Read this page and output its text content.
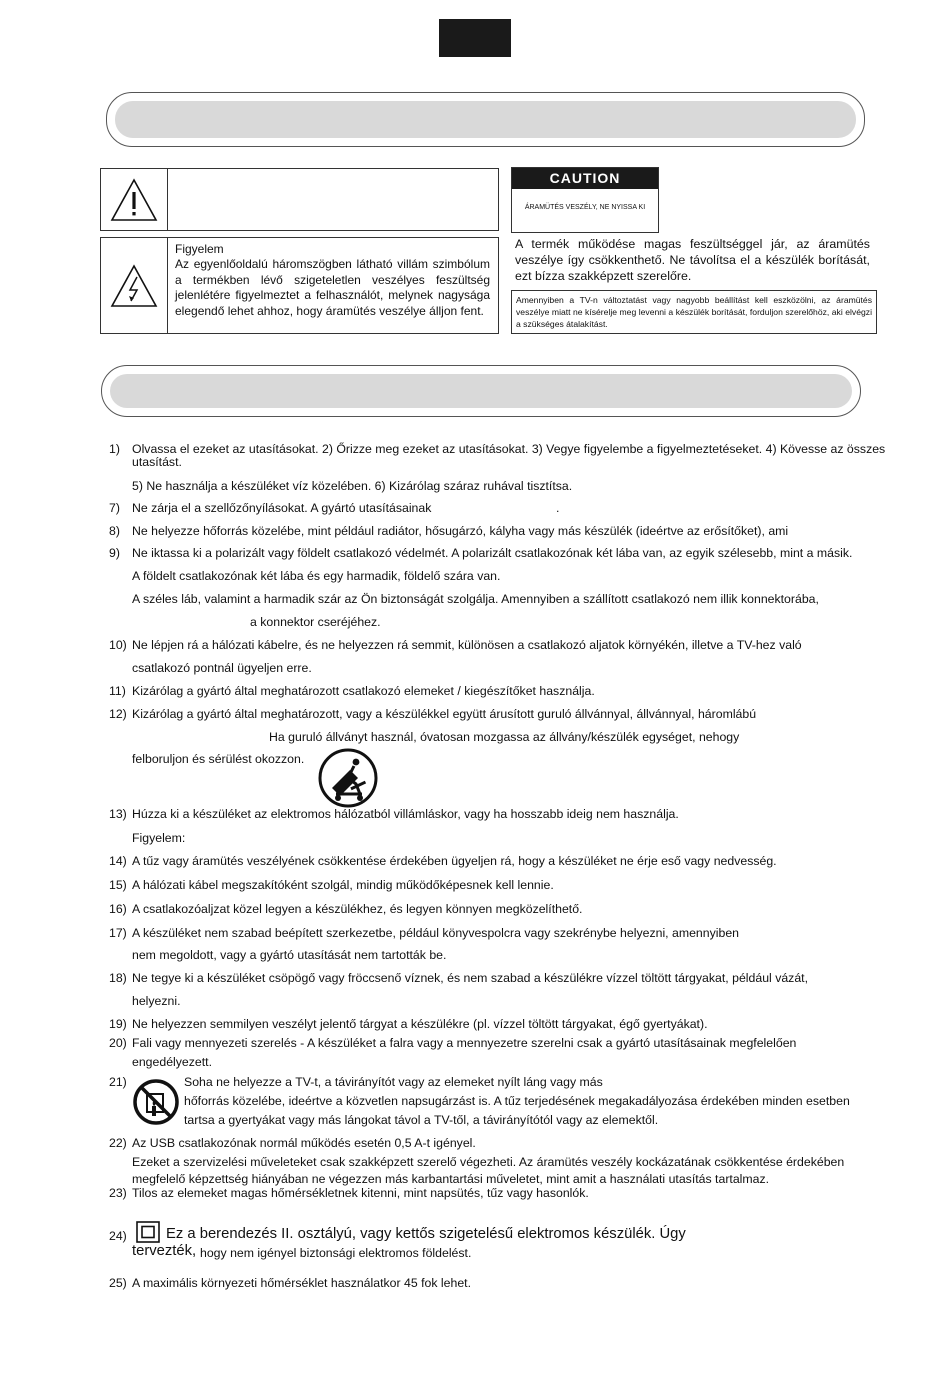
Figyelem
Az egyenlőoldalú háromszögben látható villám szimbólum a termékben lévő szigeteletlen veszélyes feszültség jelenlétére figyelmeztet a felhasználót, melynek nagysága elegendő lehet ahhoz, hogy áramütés veszélye álljon fent.
CAUTION
ÁRAMÜTÉS VESZÉLY, NE NYISSA KI
A termék működése magas feszültséggel jár, az áramütés veszélye így csökkenthető. Ne távolítsa el a készülék borítását, ezt bízza szakképzett szerelőre.
Amennyiben a TV-n változtatást vagy nagyobb beállítást kell eszközölni, az áramütés veszélye miatt ne kísérelje meg levenni a készülék borítását, forduljon szerelőhöz, aki elvégzi a szükséges átalakítást.
1) Olvassa el ezeket az utasításokat. 2) Őrizze meg ezeket az utasításokat. 3) Vegye figyelembe a figyelmeztetéseket. 4) Kövesse az összes
utasítást.
5) Ne használja a készüléket víz közelében. 6) Kizárólag száraz ruhával tisztítsa.
7) Ne zárja el a szellőzőnyílásokat. A gyártó utasításainak	.
8) Ne helyezze hőforrás közelébe, mint például radiátor, hősugárzó, kályha vagy más készülék (ideértve az erősítőket), ami
9) Ne iktassa ki a polarizált vagy földelt csatlakozó védelmét. A polarizált csatlakozónak két lába van, az egyik szélesebb, mint a másik.
A földelt csatlakozónak két lába és egy harmadik, földelő szára van.
A széles láb, valamint a harmadik szár az Ön biztonságát szolgálja. Amennyiben a szállított csatlakozó nem illik konnektorába,
a konnektor cseréjéhez.
10) Ne lépjen rá a hálózati kábelre, és ne helyezzen rá semmit, különösen a csatlakozó aljatok környékén, illetve a TV-hez való
csatlakozó pontnál ügyeljen erre.
11) Kizárólag a gyártó által meghatározott csatlakozó elemeket / kiegészítőket használja.
12) Kizárólag a gyártó által meghatározott, vagy a készülékkel együtt árusított guruló állvánnyal, állvánnyal, háromlábú
Ha guruló állványt használ, óvatosan mozgassa az állvány/készülék egységet, nehogy
felboruljon és sérülést okozzon.
13) Húzza ki a készüléket az elektromos hálózatból villámláskor, vagy ha hosszabb ideig nem használja.
Figyelem:
14) A tűz vagy áramütés veszélyének csökkentése érdekében ügyeljen rá, hogy a készüléket ne érje eső vagy nedvesség.
15) A hálózati kábel megszakítóként szolgál, mindig működőképesnek kell lennie.
16) A csatlakozóaljzat közel legyen a készülékhez, és legyen könnyen megközelíthető.
17) A készüléket nem szabad beépített szerkezetbe, például könyvespolcra vagy szekrénybe helyezni, amennyiben
nem megoldott, vagy a gyártó utasítását nem tartották be.
18) Ne tegye ki a készüléket csöpögő vagy fröccsenő víznek, és nem szabad a készülékre vízzel töltött tárgyakat, például vázát,
helyezni.
19) Ne helyezzen semmilyen veszélyt jelentő tárgyat a készülékre (pl. vízzel töltött tárgyakat, égő gyertyákat).
20) Fali vagy mennyezeti szerelés - A készüléket a falra vagy a mennyezetre szerelni csak a gyártó utasításainak megfelelően
engedélyezett.
21)	Soha ne helyezze a TV-t, a távirányítót vagy az elemeket nyílt láng vagy más
hőforrás közelébe, ideértve a közvetlen napsugárzást is. A tűz terjedésének megakadályozása érdekében minden esetben
tartsa a gyertyákat vagy más lángokat távol a TV-től, a távirányítótól vagy az elemektől.
22) Az USB csatlakozónak normál működés esetén 0,5 A-t igényel.
Ezeket a szervizelési műveleteket csak szakképzett szerelő végezheti. Az áramütés veszély kockázatának csökkentése érdekében
megfelelő képzettség hiányában ne végezzen más karbantartási műveletet, mint amit a használati utasítás tartalmaz.
23) Tilos az elemeket magas hőmérsékletnek kitenni, mint napsütés, tűz vagy hasonlók.
24)	Ez a berendezés II. osztályú, vagy kettős szigetelésű elektromos készülék. Úgy
tervezték, hogy nem igényel biztonsági elektromos földelést.
25) A maximális környezeti hőmérséklet használatkor 45 fok lehet.
